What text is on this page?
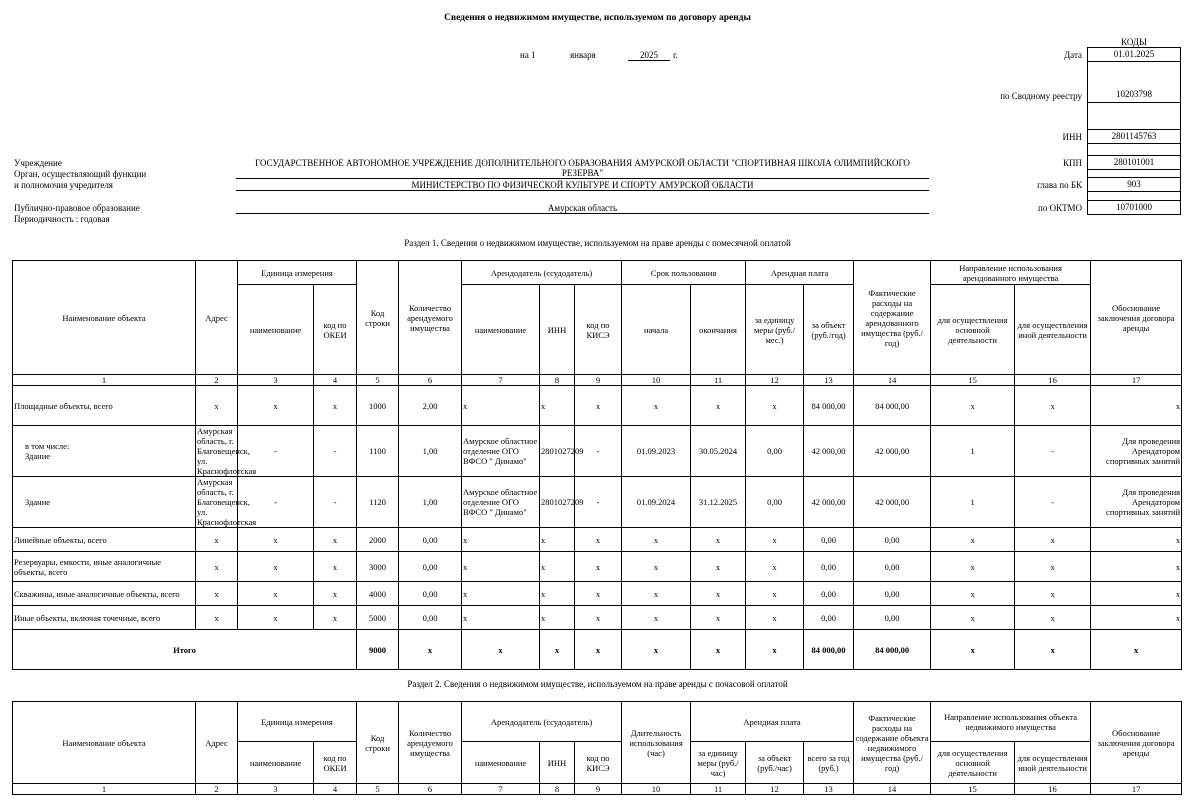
Сведения о недвижимом имуществе, используемом по договору аренды
на 1	января	2025	г.
КОДЫ
Дата	01.01.2025
по Сводному реестру	10203798
ИНН	2801145763
КПП	280101001
глава по БК	903
по ОКТМО	10701000
Учреждение	ГОСУДАРСТВЕННОЕ АВТОНОМНОЕ УЧРЕЖДЕНИЕ ДОПОЛНИТЕЛЬНОГО ОБРАЗОВАНИЯ АМУРСКОЙ ОБЛАСТИ "СПОРТИВНАЯ ШКОЛА ОЛИМПИЙСКОГО РЕЗЕРВА"
Орган, осуществляющий функции
и полномочия учредителя	МИНИСТЕРСТВО ПО ФИЗИЧЕСКОЙ КУЛЬТУРЕ И СПОРТУ АМУРСКОЙ ОБЛАСТИ
Публично-правовое образование	Амурская область
Периодичность : годовая
Раздел 1. Сведения о недвижимом имуществе, используемом на праве аренды с помесячной оплатой
Наименование объекта	Адрес	Единица измерения		Код строки	Количество арендуемого имущества	Арендодатель (ссудодатель)			Срок пользования		Арендная плата		Фактические расходы на содержание арендованного имущества (руб./год)	Направление использования арендованного имущества		Обоснование заключения договора аренды
		наименование	код по ОКЕИ			наименование	ИНН	код по КИСЭ	начала	окончания	за единицу меры (руб./мес.)	за объект (руб./год)		для осуществления основной деятельности	для осуществления иной деятельности	
1	2	3	4	5	6	7	8	9	10	11	12	13	14	15	16	17
Площадные объекты, всего	x	x	x	1000	2,00	x	x	x	x	x	x	84 000,00	84 000,00	x	x	x
в том числе:
Здание	Амурская область, г. Благовещенск, ул. Краснофлотская	-	-	1100	1,00	Амурское областное отделение ОГО ВФСО " Динамо"	2801027209	-	01.09.2023	30.05.2024	0,00	42 000,00	42 000,00	1	-	Для проведения Арендатором спортивных занятий
Здание	Амурская область, г. Благовещенск, ул. Краснофлотская	-	-	1120	1,00	Амурское областное отделение ОГО ВФСО " Динамо"	2801027209	-	01.09.2024	31.12.2025	0,00	42 000,00	42 000,00	1	-	Для проведения Арендатором спортивных занятий
Линейные объекты, всего	x	x	x	2000	0,00	x	x	x	x	x	x	0,00	0,00	x	x	x
Резервуары, емкости, иные аналогичные объекты, всего	x	x	x	3000	0,00	x	x	x	x	x	x	0,00	0,00	x	x	x
Скважины, иные аналогичные объекты, всего	x	x	x	4000	0,00	x	x	x	x	x	x	0,00	0,00	x	x	x
Иные объекты, включая точечные, всего	x	x	x	5000	0,00	x	x	x	x	x	x	0,00	0,00	x	x	x
Итого				9000	x	x	x	x	x	x	x	84 000,00	84 000,00	x	x	x
Раздел 2. Сведения о недвижимом имуществе, используемом на праве аренды с почасовой оплатой
Наименование объекта	Адрес	Единица измерения		Код строки	Количество арендуемого имущества	Арендодатель (ссудодатель)			Длительность использования (час)	Арендная плата			Фактические расходы на содержание объекта недвижимого имущества (руб./год)	Направление использования объекта недвижимого имущества		Обоснование заключения договора аренды
		наименование	код по ОКЕИ			наименование	ИНН	код по КИСЭ		за единицу меры (руб./час)	за объект (руб./час)	всего за год (руб.)		для осуществления основной деятельности	для осуществления иной деятельности	
1	2	3	4	5	6	7	8	9	10	11	12	13	14	15	16	17
